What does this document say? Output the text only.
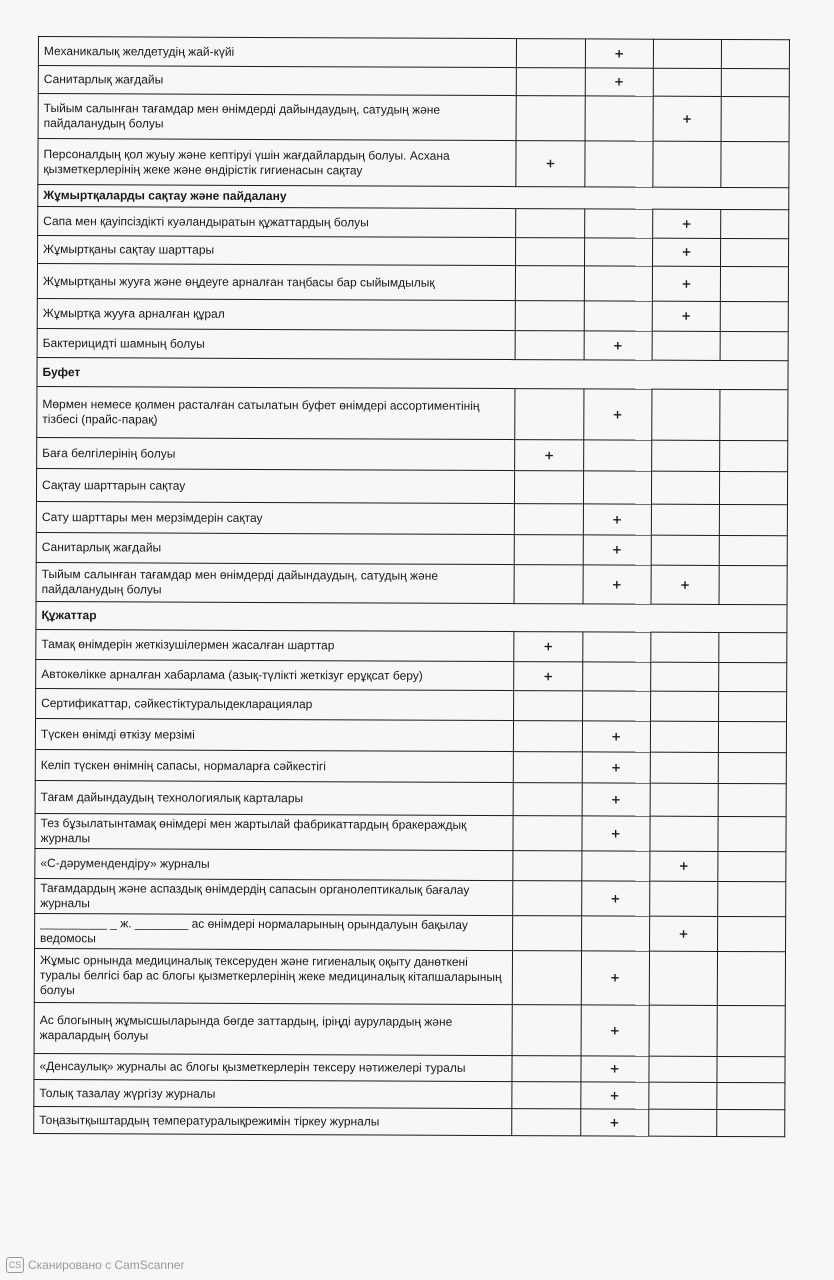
Механикалық желдетудің жай-күйі		+		
Санитарлық жағдайы		+		
Тыйым салынған тағамдар мен өнімдерді дайындаудың, сатудың және пайдаланудың болуы			+	
Персоналдың қол жуыу және кептіруі үшін жағдайлардың болуы. Асхана қызметкерлерінің жеке және өндірістік гигиенасын сақтау	+			
Жұмыртқаларды сақтау және пайдалану				
Сапа мен қауіпсіздікті куәландыратын құжаттардың болуы			+	
Жұмыртқаны сақтау шарттары			+	
Жұмыртқаны жууға және өңдеуге арналған таңбасы бар сыйымдылық			+	
Жұмыртқа жууға арналған құрал			+	
Бактерицидті шамның болуы		+		
Буфет				
Мөрмен немесе қолмен расталған сатылатын буфет өнімдері ассортиментінің тізбесі (прайс-парақ)		+		
Баға белгілерінің болуы	+			
Сақтау шарттарын сақтау				
Сату шарттары мен мерзімдерін сақтау		+		
Санитарлық жағдайы		+		
Тыйым салынған тағамдар мен өнімдерді дайындаудың, сатудың және пайдаланудың болуы		+	+	
Құжаттар				
Тамақ өнімдерін жеткізушілермен жасалған шарттар	+			
Автокөлікке арналған хабарлама (азық-түлікті жеткізуг ерұқсат беру)	+			
Сертификаттар, сәйкестіктуралыдекларациялар				
Түскен өнімді өткізу мерзімі		+		
Келіп түскен өнімнің сапасы, нормаларға сәйкестігі		+		
Тағам дайындаудың технологиялық карталары		+		
Тез бұзылатынтамақ өнімдері мен жартылай фабрикаттардың бракераждық журналы		+		
«С-дәрумендендіру» журналы			+	
Тағамдардың және аспаздық өнімдердің сапасын органолептикалық бағалау журналы		+		
__________ _ ж. ________ ас өнімдері нормаларының орындалуын бақылау ведомосы			+	
Жұмыс орнында медициналық тексеруден және гигиеналық оқыту данөткені туралы белгісі бар ас блогы қызметкерлерінің жеке медициналық кітапшаларының болуы		+		
Ас блогының жұмысшыларында бөгде заттардың, іріңді аурулардың және жаралардың болуы		+		
«Денсаулық» журналы ас блогы қызметкерлерін тексеру нәтижелері туралы		+		
Толық тазалау жүргізу журналы		+		
Тоңазытқыштардың температуралықрежимін тіркеу журналы		+		
CS Сканировано с CamScanner
